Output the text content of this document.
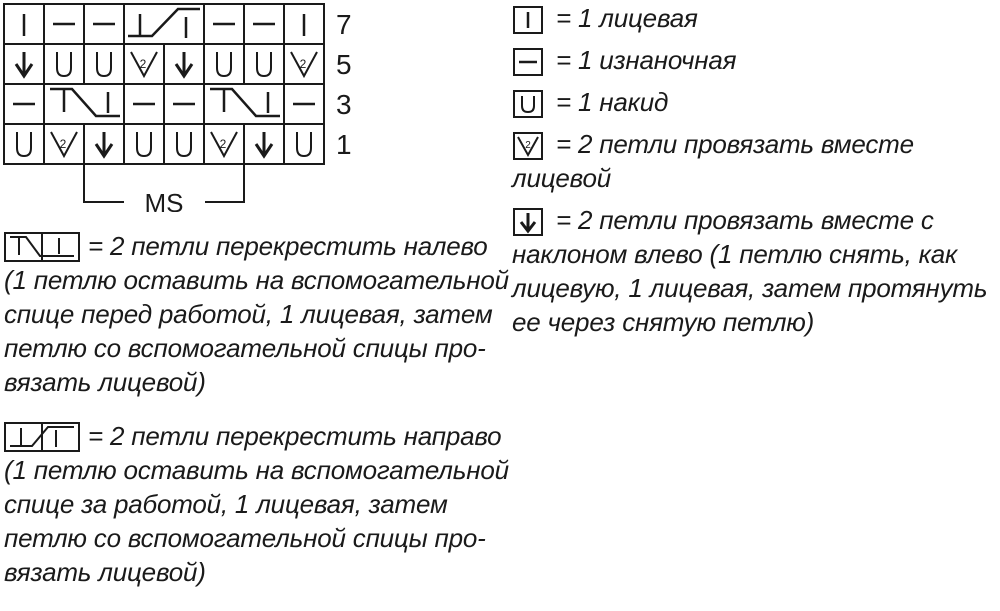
2	2
2	2
7
5
3
1
MS
= 2 петли перекрестить налево
(1 петлю оставить на вспомогательной
спице перед работой, 1 лицевая, затем
петлю со вспомогательной спицы про-
вязать лицевой)
= 2 петли перекрестить направо
(1 петлю оставить на вспомогательной
спице за работой, 1 лицевая, затем
петлю со вспомогательной спицы про-
вязать лицевой)
= 1 лицевая
= 1 изнаночная
= 1 накид
2 = 2 петли провязать вместе
лицевой
= 2 петли провязать вместе с
наклоном влево (1 петлю снять, как
лицевую, 1 лицевая, затем протянуть
ее через снятую петлю)
